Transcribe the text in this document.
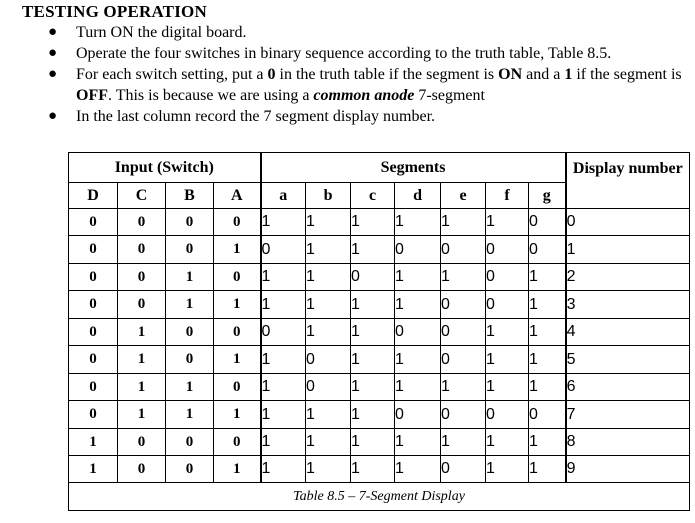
TESTING OPERATION
● Turn ON the digital board.
● Operate the four switches in binary sequence according to the truth table, Table 8.5.
● For each switch setting, put a 0 in the truth table if the segment is ON and a 1 if the segment is OFF. This is because we are using a common anode 7-segment
● In the last column record the 7 segment display number.
Input (Switch)				Segments							Display number
D	C	B	A	a	b	c	d	e	f	g	
0	0	0	0	1	1	1	1	1	1	0	0
0	0	0	1	0	1	1	0	0	0	0	1
0	0	1	0	1	1	0	1	1	0	1	2
0	0	1	1	1	1	1	1	0	0	1	3
0	1	0	0	0	1	1	0	0	1	1	4
0	1	0	1	1	0	1	1	0	1	1	5
0	1	1	0	1	0	1	1	1	1	1	6
0	1	1	1	1	1	1	0	0	0	0	7
1	0	0	0	1	1	1	1	1	1	1	8
1	0	0	1	1	1	1	1	0	1	1	9
Table 8.5 – 7-Segment Display											
